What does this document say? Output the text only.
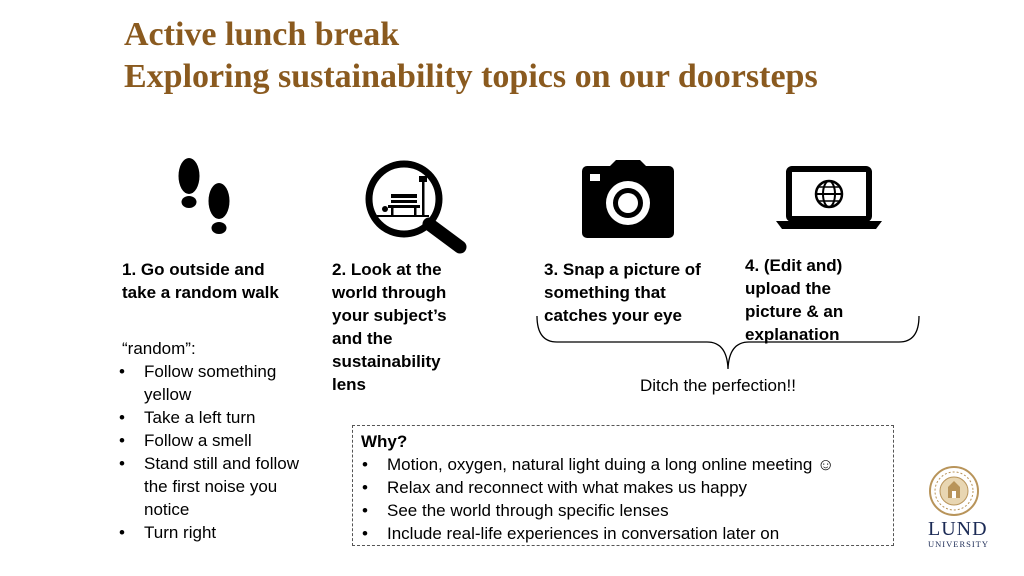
Active lunch break
Exploring sustainability topics on our doorsteps
1. Go outside and take a random walk
2. Look at the world through your subject’s and the sustainability lens
3. Snap a picture of something that catches your eye
4. (Edit and) upload the picture & an explanation
“random”:
• Follow something yellow
• Take a left turn
• Follow a smell
• Stand still and follow the first noise you notice
• Turn right
Ditch the perfection!!
Why?
• Motion, oxygen, natural light duing a long online meeting ☺
• Relax and reconnect with what makes us happy
• See the world through specific lenses
• Include real-life experiences in conversation later on	LUND
UNIVERSITY
